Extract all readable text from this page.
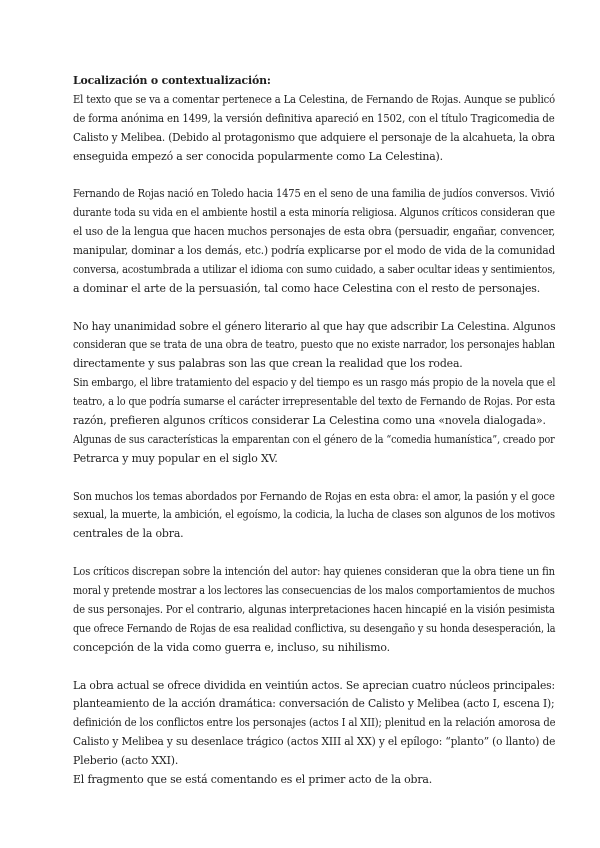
Localización o contextualización:
El texto que se va a comentar pertenece a La Celestina, de Fernando de Rojas. Aunque se publicó
de forma anónima en 1499, la versión definitiva apareció en 1502, con el título Tragicomedia de
Calisto y Melibea. (Debido al protagonismo que adquiere el personaje de la alcahueta, la obra
enseguida empezó a ser conocida popularmente como La Celestina).
Fernando de Rojas nació en Toledo hacia 1475 en el seno de una familia de judíos conversos. Vivió
durante toda su vida en el ambiente hostil a esta minoría religiosa. Algunos críticos consideran que
el uso de la lengua que hacen muchos personajes de esta obra (persuadir, engañar, convencer,
manipular, dominar a los demás, etc.) podría explicarse por el modo de vida de la comunidad
conversa, acostumbrada a utilizar el idioma con sumo cuidado, a saber ocultar ideas y sentimientos,
a dominar el arte de la persuasión, tal como hace Celestina con el resto de personajes.
No hay unanimidad sobre el género literario al que hay que adscribir La Celestina. Algunos
consideran que se trata de una obra de teatro, puesto que no existe narrador, los personajes hablan
directamente y sus palabras son las que crean la realidad que los rodea.
Sin embargo, el libre tratamiento del espacio y del tiempo es un rasgo más propio de la novela que el
teatro, a lo que podría sumarse el carácter irrepresentable del texto de Fernando de Rojas. Por esta
razón, prefieren algunos críticos considerar La Celestina como una «novela dialogada».
Algunas de sus características la emparentan con el género de la “comedia humanística”, creado por
Petrarca y muy popular en el siglo XV.
Son muchos los temas abordados por Fernando de Rojas en esta obra: el amor, la pasión y el goce
sexual, la muerte, la ambición, el egoísmo, la codicia, la lucha de clases son algunos de los motivos
centrales de la obra.
Los críticos discrepan sobre la intención del autor: hay quienes consideran que la obra tiene un fin
moral y pretende mostrar a los lectores las consecuencias de los malos comportamientos de muchos
de sus personajes. Por el contrario, algunas interpretaciones hacen hincapié en la visión pesimista
que ofrece Fernando de Rojas de esa realidad conflictiva, su desengaño y su honda desesperación, la
concepción de la vida como guerra e, incluso, su nihilismo.
La obra actual se ofrece dividida en veintiún actos. Se aprecian cuatro núcleos principales:
planteamiento de la acción dramática: conversación de Calisto y Melibea (acto I, escena I);
definición de los conflictos entre los personajes (actos I al XII); plenitud en la relación amorosa de
Calisto y Melibea y su desenlace trágico (actos XIII al XX) y el epílogo: “planto” (o llanto) de
Pleberio (acto XXI).
El fragmento que se está comentando es el primer acto de la obra.
